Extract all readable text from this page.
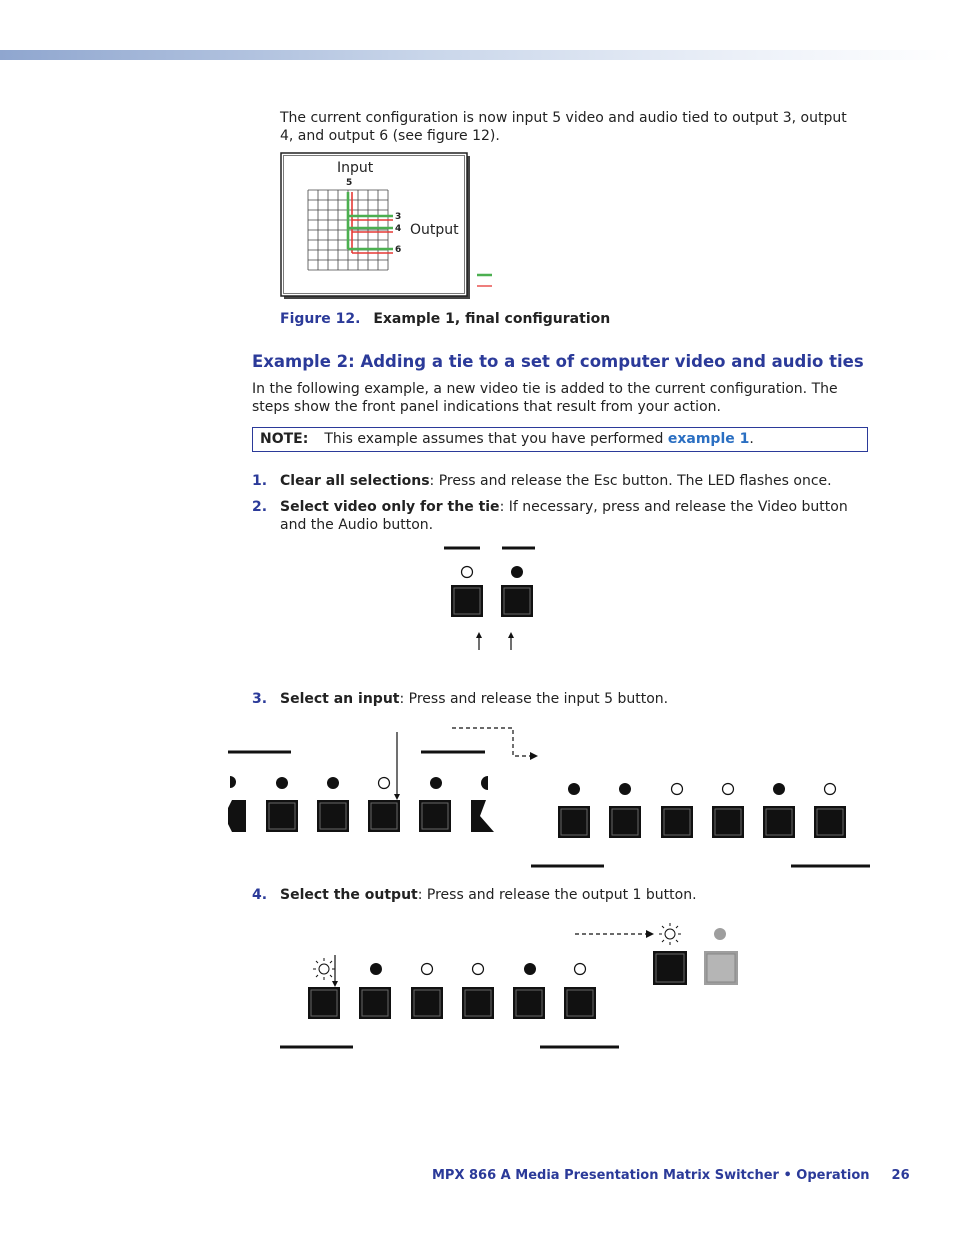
The current configuration is now input 5 video and audio tied to output 3, output 4, and output 6 (see figure 12).

Input
Output
5
3
4
6
Figure 12. Example 1, final configuration
Example 2: Adding a tie to a set of computer video and audio ties

In the following example, a new video tie is added to the current configuration. The steps show the front panel indications that result from your action.

NOTE: This example assumes that you have performed example 1.
1. Clear all selections: Press and release the Esc button. The LED flashes once.
2. Select video only for the tie: If necessary, press and release the Video button and the Audio button.
3. Select an input: Press and release the input 5 button.
4. Select the output: Press and release the output 1 button.
MPX 866 A Media Presentation Matrix Switcher • Operation 26
